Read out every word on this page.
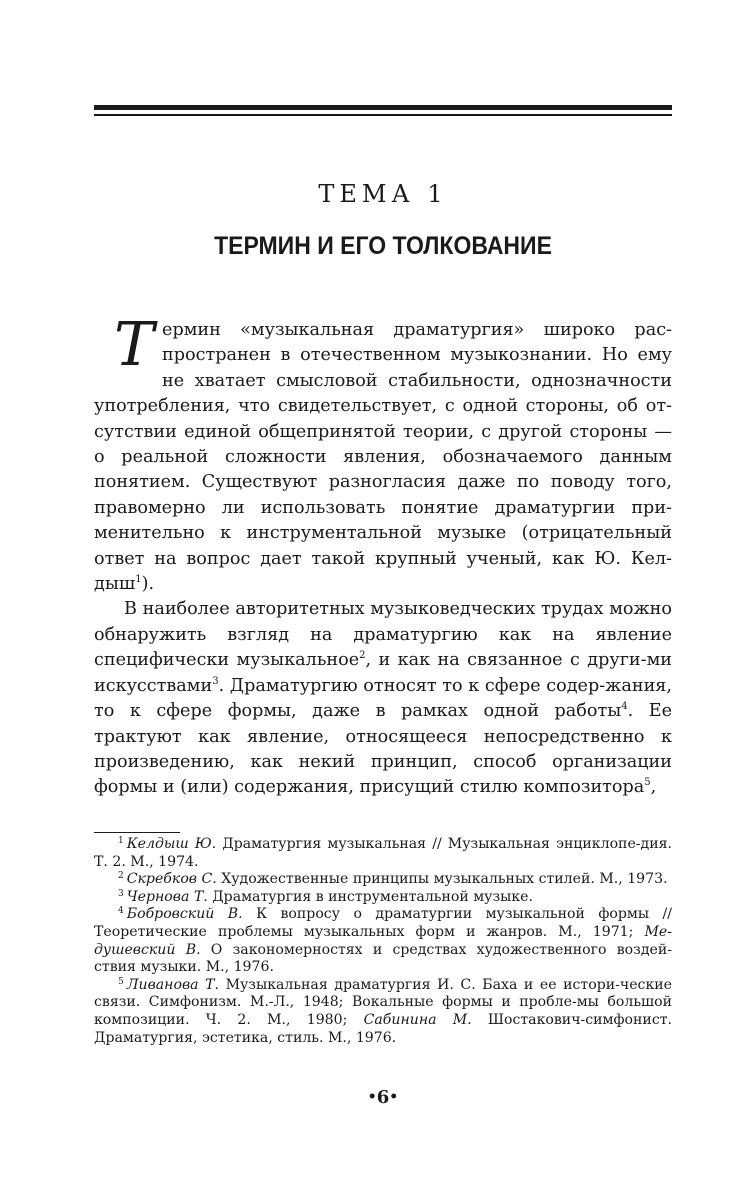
ТЕМА 1
ТЕРМИН И ЕГО ТОЛКОВАНИЕ

Термин «музыкальная драматургия» широко рас-пространен в отечественном музыкознании. Но ему не хватает смысловой стабильности, однозначности употребления, что свидетельствует, с одной стороны, об от-сутствии единой общепринятой теории, с другой стороны — о реальной сложности явления, обозначаемого данным понятием. Существуют разногласия даже по поводу того, правомерно ли использовать понятие драматургии при-менительно к инструментальной музыке (отрицательный ответ на вопрос дает такой крупный ученый, как Ю. Кел-дыш$^1$).

В наиболее авторитетных музыковедческих трудах можно обнаружить взгляд на драматургию как на явление специфически музыкальное$^2$, и как на связанное с други-ми искусствами$^3$. Драматургию относят то к сфере содер-жания, то к сфере формы, даже в рамках одной работы$^4$. Ее трактуют как явление, относящееся непосредственно к произведению, как некий принцип, способ организации формы и (или) содержания, присущий стилю композитора$^5$,

$^1$ Келдыш Ю. Драматургия музыкальная // Музыкальная энциклопе-дия. Т. 2. М., 1974.

$^2$ Скребков С. Художественные принципы музыкальных стилей. М., 1973.

$^3$ Чернова Т. Драматургия в инструментальной музыке.

$^4$ Бобровский В. К вопросу о драматургии музыкальной формы // Теоретические проблемы музыкальных форм и жанров. М., 1971; Ме-душевский В. О закономерностях и средствах художественного воздей-ствия музыки. М., 1976.

$^5$ Ливанова Т. Музыкальная драматургия И. С. Баха и ее истори-ческие связи. Симфонизм. М.-Л., 1948; Вокальные формы и пробле-мы большой композиции. Ч. 2. М., 1980; Сабинина М. Шостакович-симфонист. Драматургия, эстетика, стиль. М., 1976.

•6•
